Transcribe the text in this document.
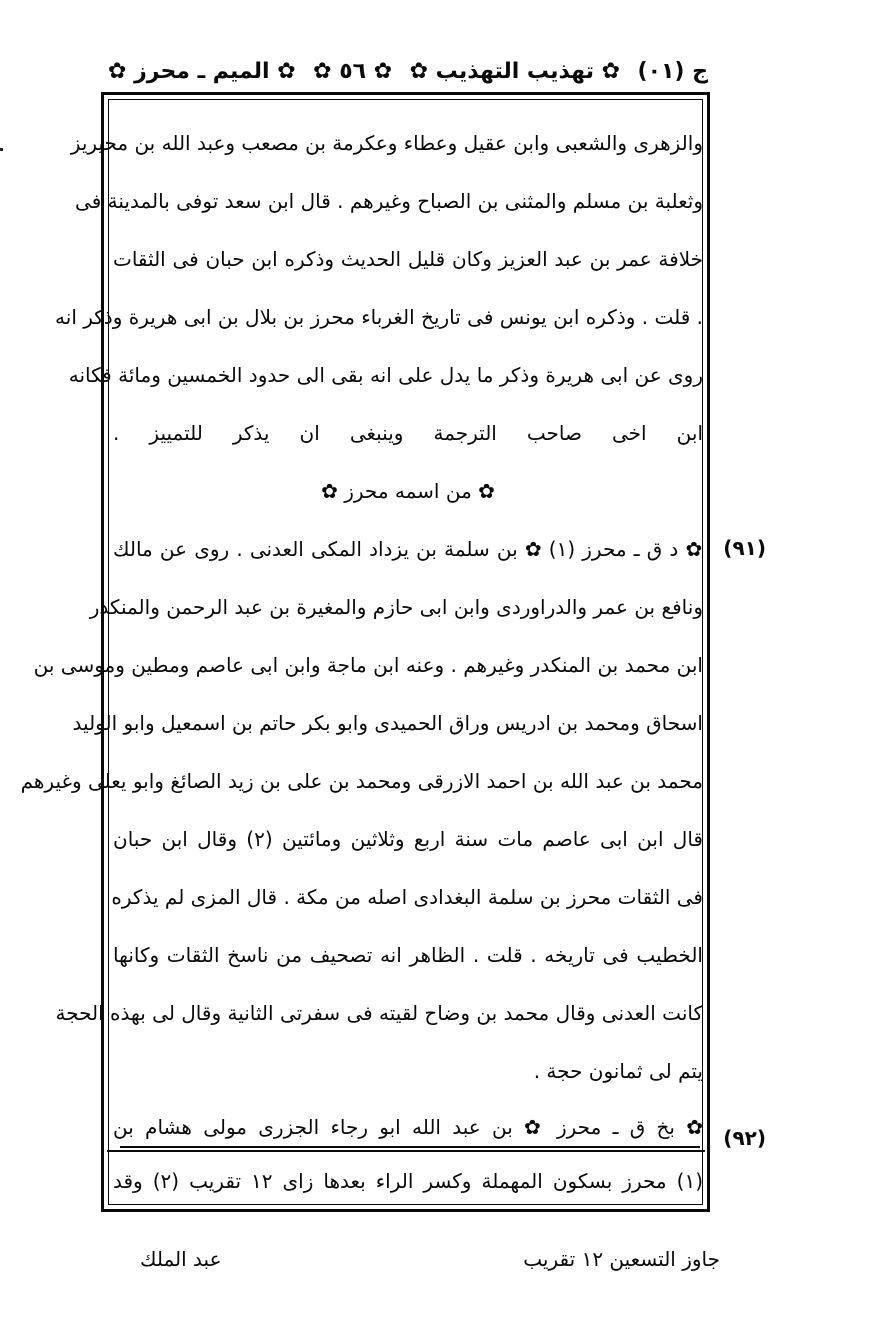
ج (٠١)
✿ تهذيب التهذيب ✿
✿ ٥٦ ✿
✿ الميم ـ محرز ✿
والزهرى والشعبى وابن عقيل وعطاء وعكرمة بن مصعب وعبد الله بن محيريز
وثعلبة بن مسلم والمثنى بن الصباح وغيرهم . قال ابن سعد توفى بالمدينة فى
خلافة عمر بن عبد العزيز وكان قليل الحديث وذكره ابن حبان فى الثقات
. قلت . وذكره ابن يونس فى تاريخ الغرباء محرز بن بلال بن ابى هريرة وذكر انه
روى عن ابى هريرة وذكر ما يدل على انه بقى الى حدود الخمسين ومائة فكانه
ابن اخى صاحب الترجمة وينبغى ان يذكر للتمييز .
✿ من اسمه محرز ✿
(٩١)
✿ د ق ـ محرز (١) ✿ بن سلمة بن يزداد المكى العدنى . روى عن مالك
ونافع بن عمر والدراوردى وابن ابى حازم والمغيرة بن عبد الرحمن والمنكدر
ابن محمد بن المنكدر وغيرهم . وعنه ابن ماجة وابن ابى عاصم ومطين وموسى بن
اسحاق ومحمد بن ادريس وراق الحميدى وابو بكر حاتم بن اسمعيل وابو الوليد
محمد بن عبد الله بن احمد الازرقى ومحمد بن على بن زيد الصائغ وابو يعلى وغيرهم
قال ابن ابى عاصم مات سنة اربع وثلاثين ومائتين (٢) وقال ابن حبان
فى الثقات محرز بن سلمة البغدادى اصله من مكة . قال المزى لم يذكره
الخطيب فى تاريخه . قلت . الظاهر انه تصحيف من ناسخ الثقات وكانها
كانت العدنى وقال محمد بن وضاح لقيته فى سفرتى الثانية وقال لى بهذه الحجة
يتم لى ثمانون حجة .
(٩٢)
✿ بخ ق ـ محرز ✿ بن عبد الله ابو رجاء الجزرى مولى هشام بن
(١) محرز بسكون المهملة وكسر الراء بعدها زاى ١٢ تقريب (٢) وقد
جاوز التسعين ١٢ تقريب
عبد الملك
